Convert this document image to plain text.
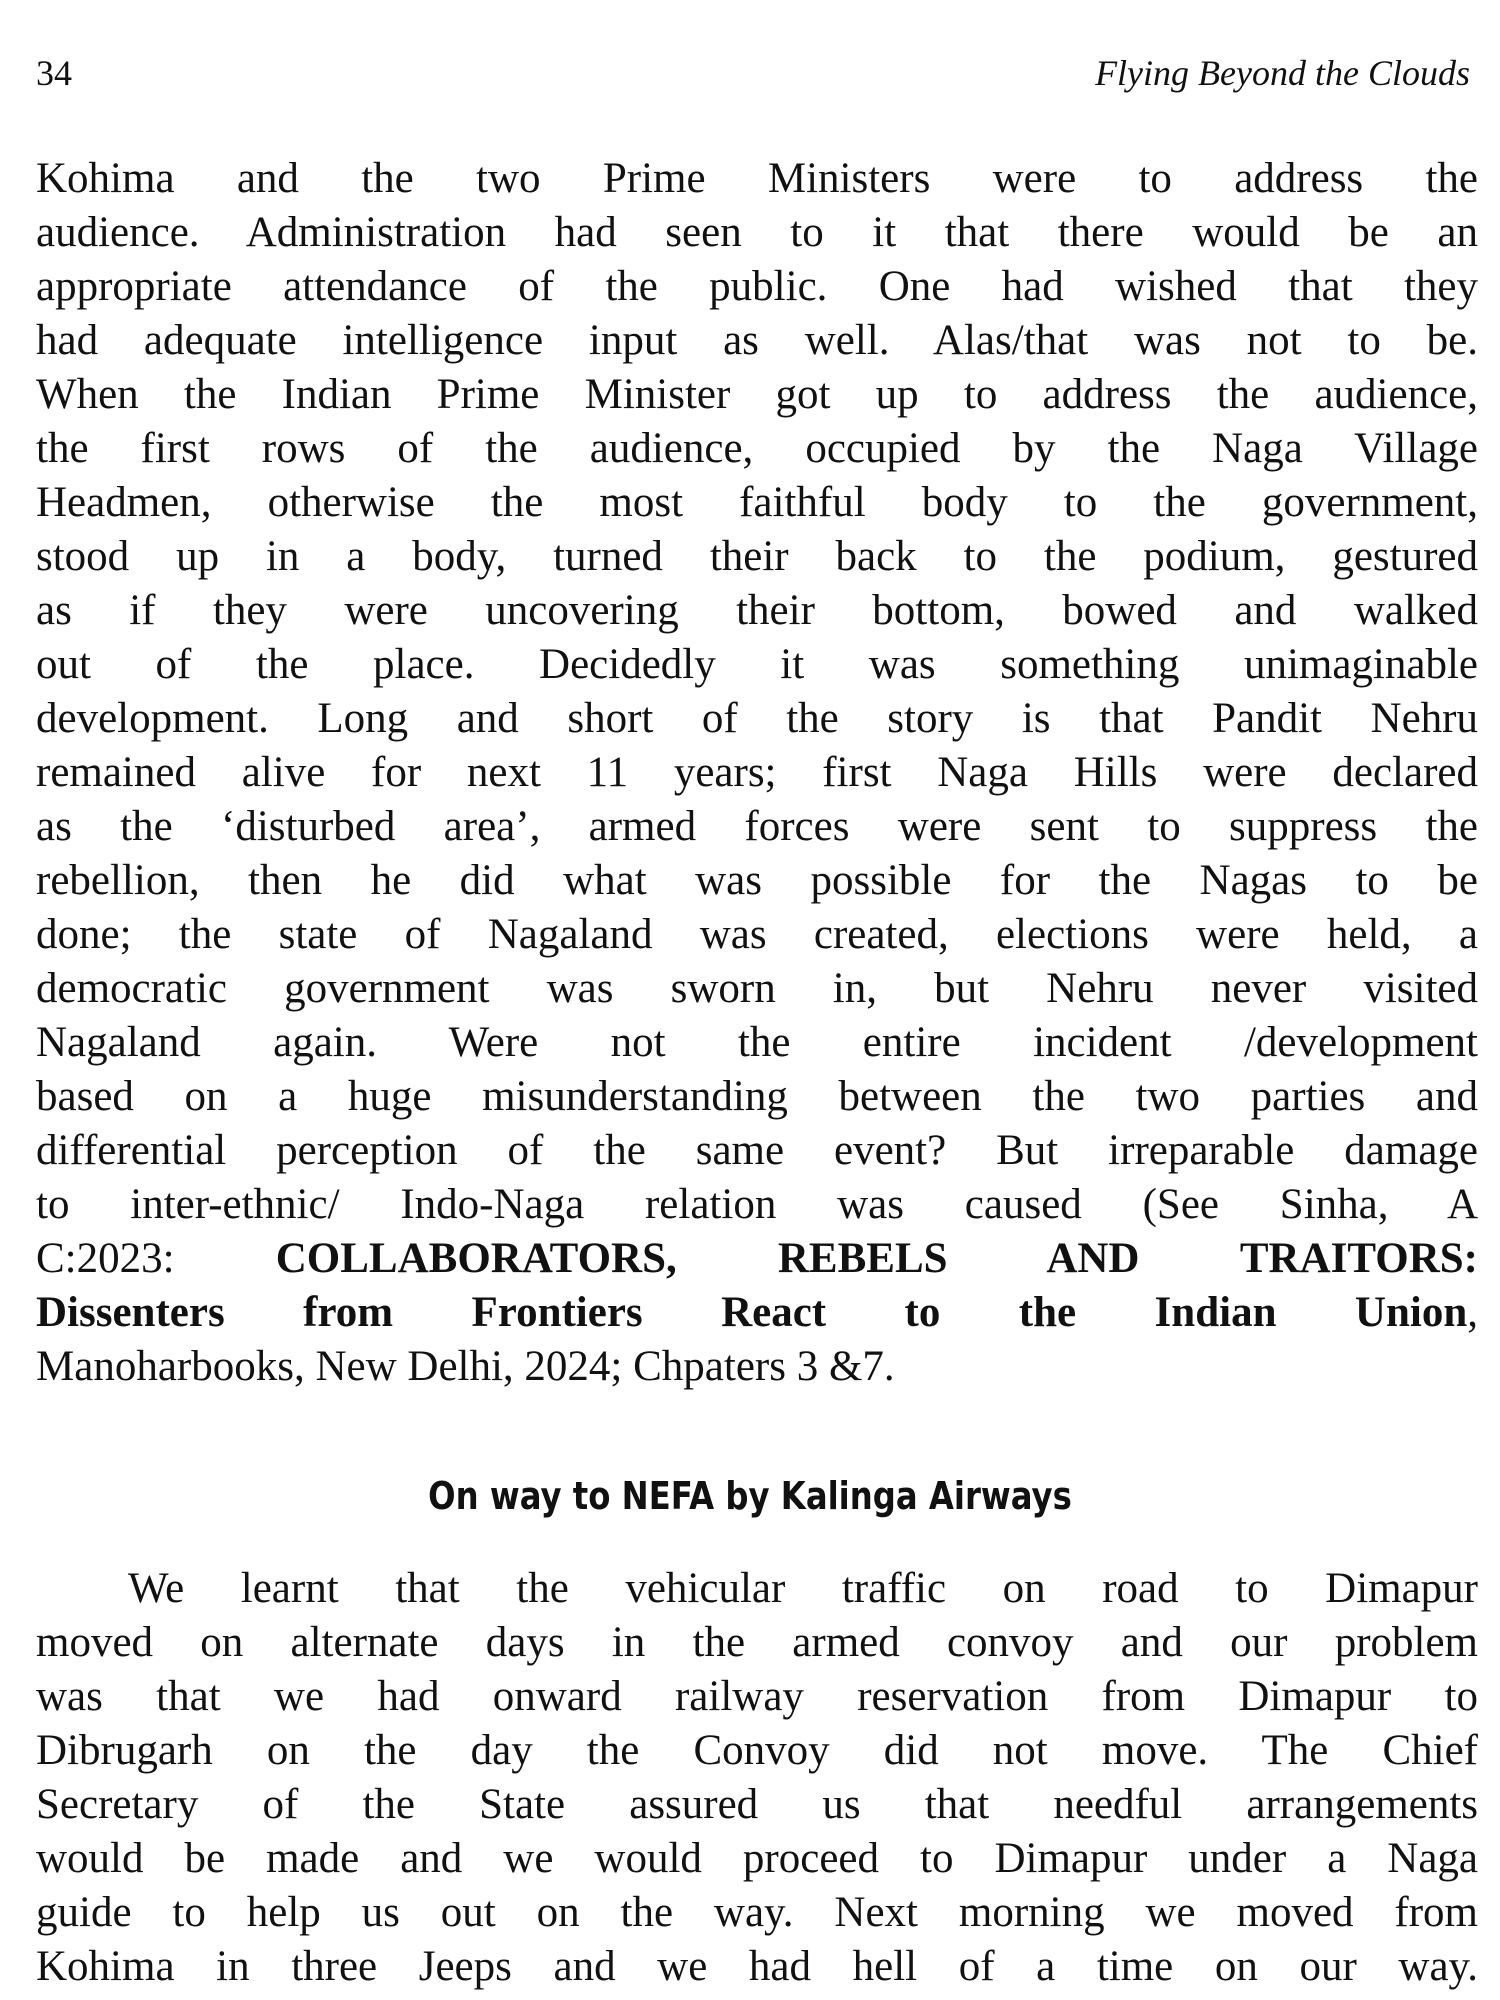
34	Flying Beyond the Clouds
Kohima and the two Prime Ministers were to address the
audience. Administration had seen to it that there would be an
appropriate attendance of the public. One had wished that they
had adequate intelligence input as well. Alas/that was not to be.
When the Indian Prime Minister got up to address the audience,
the first rows of the audience, occupied by the Naga Village
Headmen, otherwise the most faithful body to the government,
stood up in a body, turned their back to the podium, gestured
as if they were uncovering their bottom, bowed and walked
out of the place. Decidedly it was something unimaginable
development. Long and short of the story is that Pandit Nehru
remained alive for next 11 years; first Naga Hills were declared
as the ‘disturbed area’, armed forces were sent to suppress the
rebellion, then he did what was possible for the Nagas to be
done; the state of Nagaland was created, elections were held, a
democratic government was sworn in, but Nehru never visited
Nagaland again. Were not the entire incident /development
based on a huge misunderstanding between the two parties and
differential perception of the same event? But irreparable damage
to inter-ethnic/ Indo-Naga relation was caused (See Sinha, A
C:2023: COLLABORATORS, REBELS AND TRAITORS:
Dissenters from Frontiers React to the Indian Union,
Manoharbooks, New Delhi, 2024; Chpaters 3 &7.
On way to NEFA by Kalinga Airways
We learnt that the vehicular traffic on road to Dimapur
moved on alternate days in the armed convoy and our problem
was that we had onward railway reservation from Dimapur to
Dibrugarh on the day the Convoy did not move. The Chief
Secretary of the State assured us that needful arrangements
would be made and we would proceed to Dimapur under a Naga
guide to help us out on the way. Next morning we moved from
Kohima in three Jeeps and we had hell of a time on our way.
